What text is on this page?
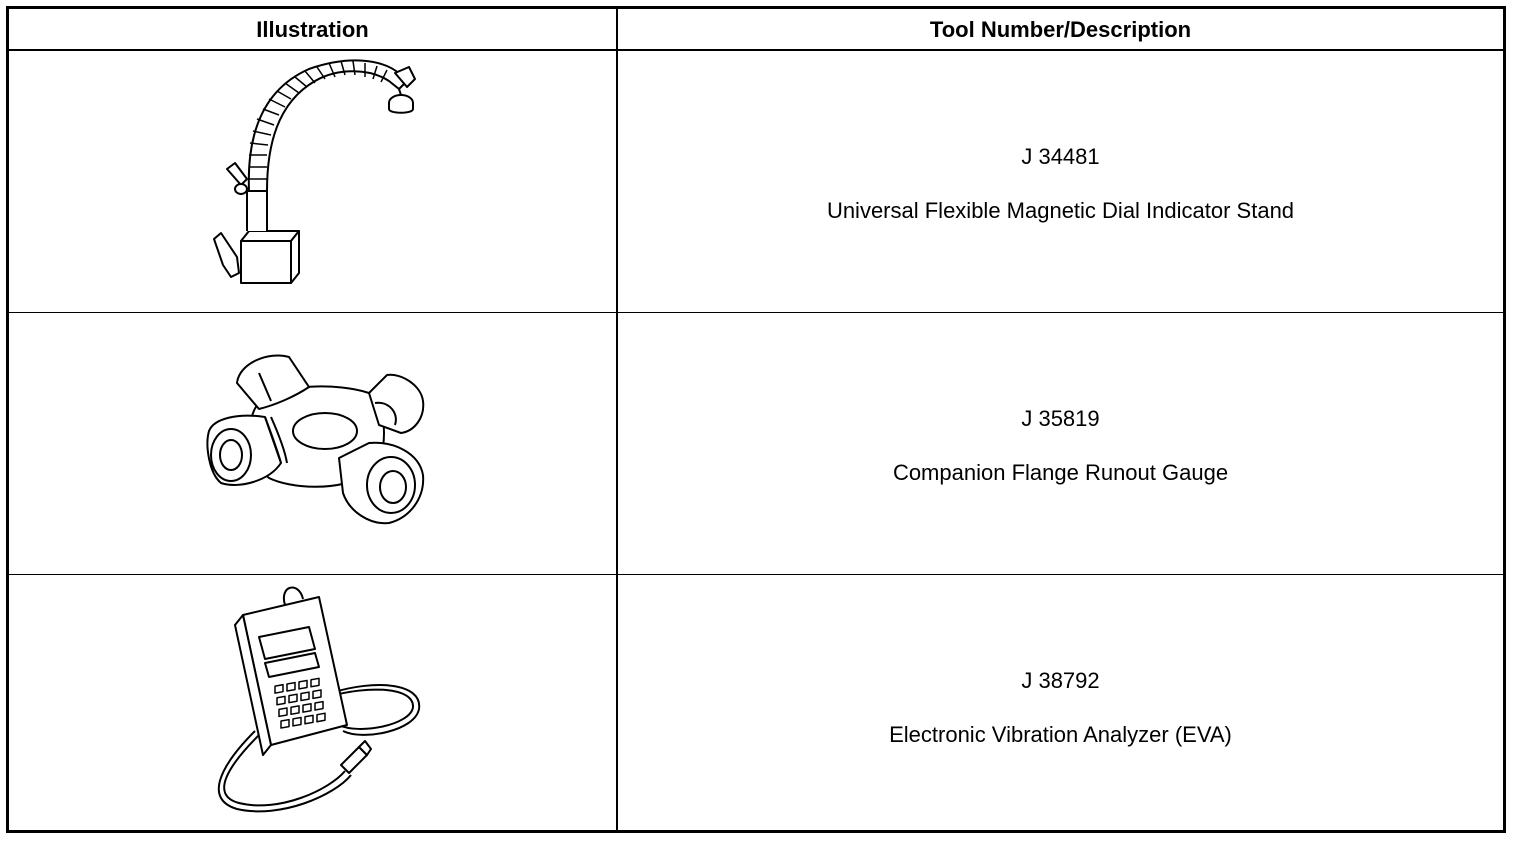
Illustration	Tool Number/Description
J 34481
Universal Flexible Magnetic Dial Indicator Stand
J 35819
Companion Flange Runout Gauge
J 38792
Electronic Vibration Analyzer (EVA)
